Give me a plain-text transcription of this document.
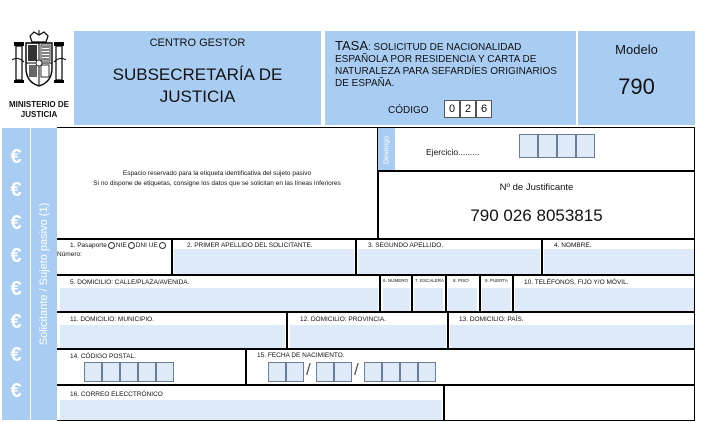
MINISTERIO DE JUSTICIA
CENTRO GESTOR
SUBSECRETARÍA DE JUSTICIA
TASA: SOLICITUD DE NACIONALIDAD ESPAÑOLA POR RESIDENCIA Y CARTA DE NATURALEZA PARA SEFARDÍES ORIGINARIOS DE ESPAÑA.
CÓDIGO	0 2 6
Modelo
790
€
€
€
€
€
€
€
€
Solicitante / Sujeto pasivo (1)
Espacio reservado para la etiqueta identificativa del sujeto pasivo
Si no dispone de etiquetas, consigne los datos que se solicitan en las líneas inferiores
Devengo	Ejercicio.........
Nº de Justificante
790 026 8053815
1. Pasaporte NIE DNI UE
Número:
2. PRIMER APELLIDO DEL SOLICITANTE.	3. SEGUNDO APELLIDO.	4. NOMBRE.
5. DOMICILIO: CALLE/PLAZA/AVENIDA.	6. NÚMERO 7. ESCALERA 8. PISO	9. PUERTA 10. TELÉFONOS, FIJO Y/O MÓVIL.
11. DOMICILIO: MUNICIPIO.	12. DOMICILIO: PROVINCIA.	13. DOMICILIO: PAÍS.
14. CÓDIGO POSTAL.	15. FECHA DE NACIMIENTO.
/	/
16. CORREO ELECCTRÓNICO
